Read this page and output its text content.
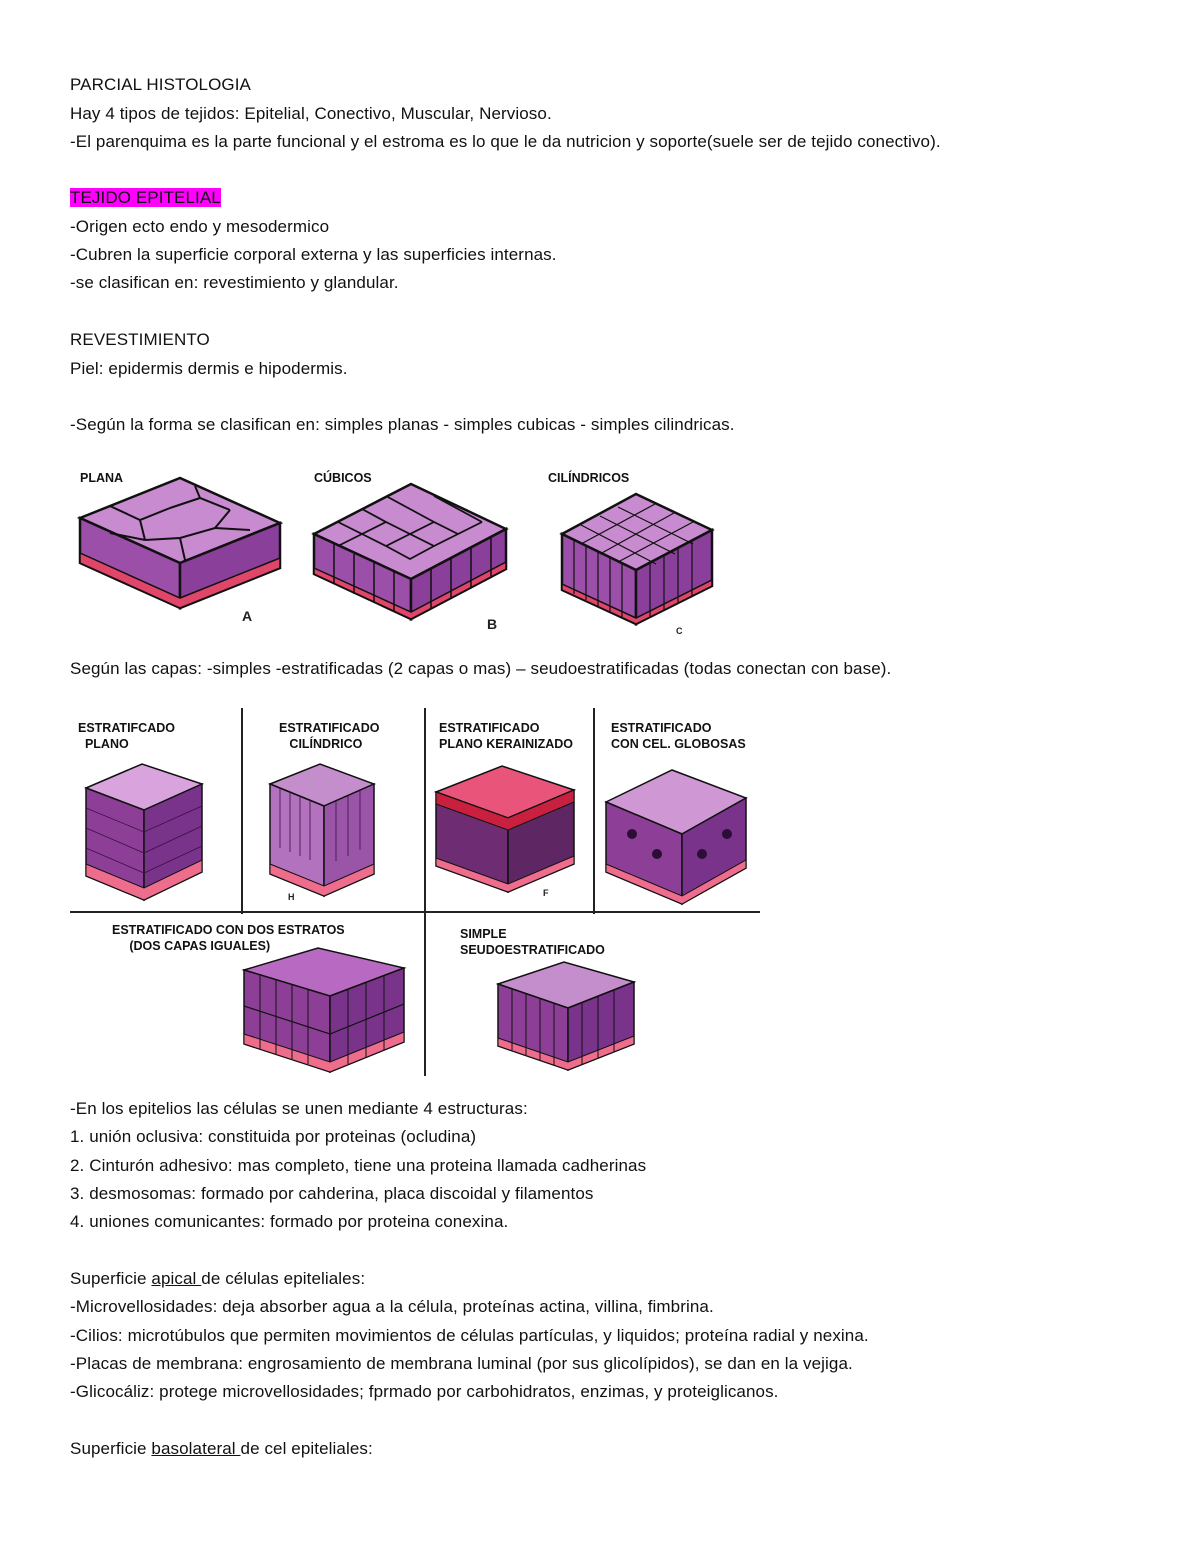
PARCIAL HISTOLOGIA
Hay 4 tipos de tejidos: Epitelial, Conectivo, Muscular, Nervioso.
-El parenquima es la parte funcional y el estroma es lo que le da nutricion y soporte(suele ser de tejido conectivo).
TEJIDO EPITELIAL
-Origen ecto endo y mesodermico
-Cubren la superficie corporal externa y las superficies internas.
-se clasifican en: revestimiento y glandular.
REVESTIMIENTO
Piel: epidermis dermis e hipodermis.
-Según la forma se clasifican en: simples planas - simples cubicas - simples cilindricas.
PLANA	CÚBICOS	CILÍNDRICOS
A	B	C
Según las capas: -simples -estratificadas (2 capas o mas) – seudoestratificadas (todas conectan con base).
ESTRATIFCADO
PLANO
ESTRATIFICADO
CILÍNDRICO
ESTRATIFICADO
PLANO KERAINIZADO
ESTRATIFICADO
CON CEL. GLOBOSAS
ESTRATIFICADO CON DOS ESTRATOS
(DOS CAPAS IGUALES)
SIMPLE
SEUDOESTRATIFICADO
H	F
-En los epitelios las células se unen mediante 4 estructuras:
1. unión oclusiva: constituida por proteinas (ocludina)
2. Cinturón adhesivo: mas completo, tiene una proteina llamada cadherinas
3. desmosomas: formado por cahderina, placa discoidal y filamentos
4. uniones comunicantes: formado por proteina conexina.
Superficie apical de células epiteliales:
-Microvellosidades: deja absorber agua a la célula, proteínas actina, villina, fimbrina.
-Cilios: microtúbulos que permiten movimientos de células partículas, y liquidos; proteína radial y nexina.
-Placas de membrana: engrosamiento de membrana luminal (por sus glicolípidos), se dan en la vejiga.
-Glicocáliz: protege microvellosidades; fprmado por carbohidratos, enzimas, y proteiglicanos.
Superficie basolateral de cel epiteliales:
